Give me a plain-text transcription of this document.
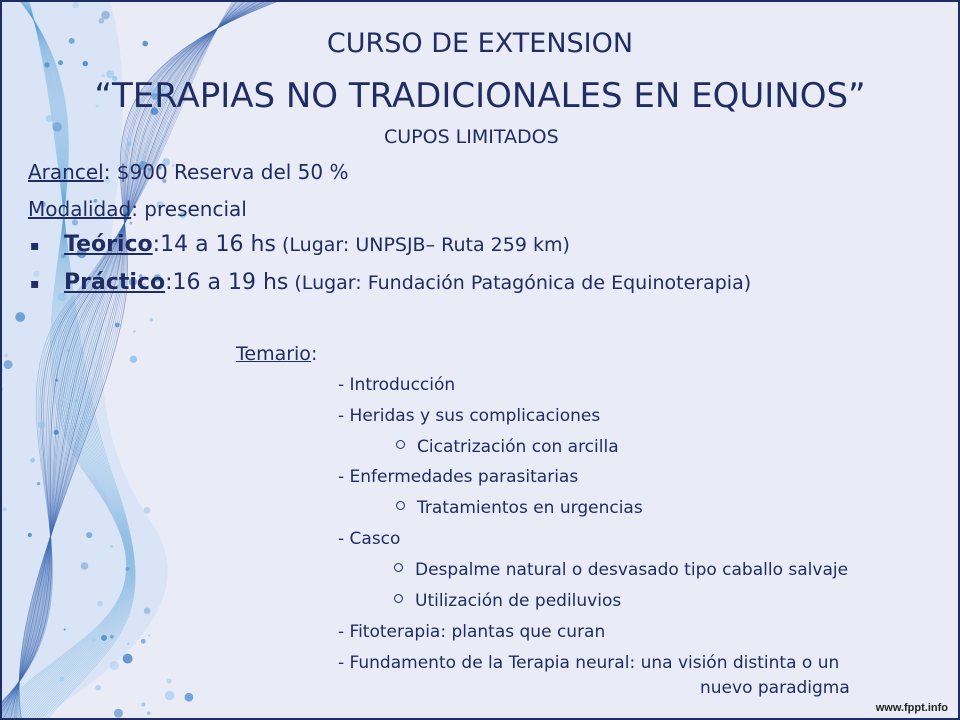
CURSO DE EXTENSION
“TERAPIAS NO TRADICIONALES EN EQUINOS”
CUPOS LIMITADOS
Arancel: $900 Reserva del 50 %
Modalidad: presencial
▪ Teórico:14 a 16 hs (Lugar: UNPSJB– Ruta 259 km)
▪ Práctico:16 a 19 hs (Lugar: Fundación Patagónica de Equinoterapia)
Temario:
- Introducción
- Heridas y sus complicaciones
Cicatrización con arcilla
- Enfermedades parasitarias
Tratamientos en urgencias
- Casco
Despalme natural o desvasado tipo caballo salvaje
Utilización de pediluvios
- Fitoterapia: plantas que curan
- Fundamento de la Terapia neural: una visión distinta o un
nuevo paradigma
www.fppt.info
